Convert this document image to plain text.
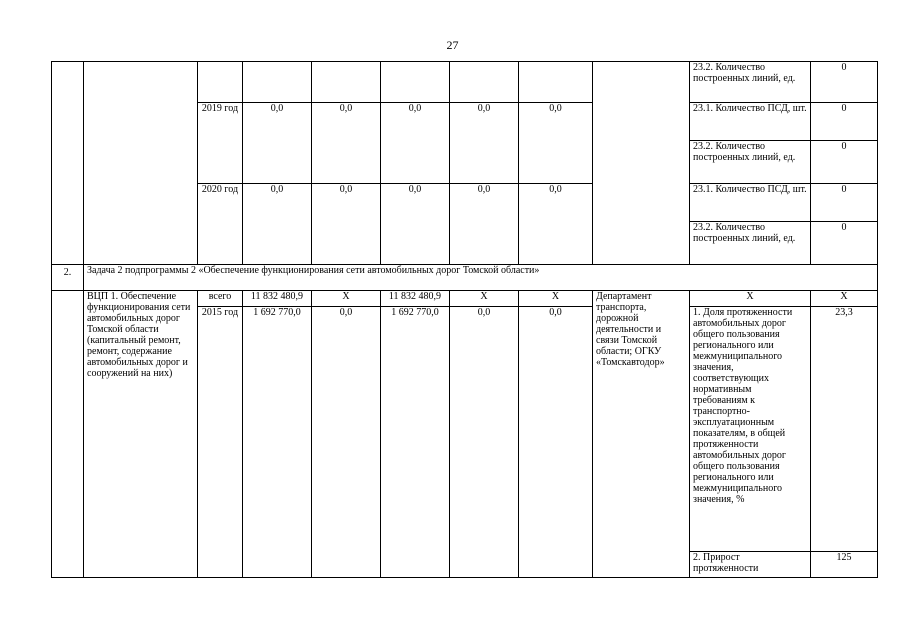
27
									23.2. Количество построенных линий, ед.	0
		2019 год	0,0	0,0	0,0	0,0	0,0		23.1. Количество ПСД, шт.	0
									23.2. Количество построенных линий, ед.	0
		2020 год	0,0	0,0	0,0	0,0	0,0		23.1. Количество ПСД, шт.	0
									23.2. Количество построенных линий, ед.	0
2.	Задача 2 подпрограммы 2 «Обеспечение функционирования сети автомобильных дорог Томской области»									
	ВЦП 1. Обеспечение функционирования сети автомобильных дорог Томской области (капитальный ремонт, ремонт, содержание автомобильных дорог и сооружений на них)	всего	11 832 480,9	Х	11 832 480,9	Х	Х	Департамент транспорта, дорожной деятельности и связи Томской области; ОГКУ «Томскавтодор»	Х	Х
		2015 год	1 692 770,0	0,0	1 692 770,0	0,0	0,0		1. Доля протяженности автомобильных дорог общего пользования регионального или межмуниципального значения, соответствующих нормативным требованиям к транспортно-эксплуатационным показателям, в общей протяженности автомобильных дорог общего пользования регионального или межмуниципального значения, %	23,3
									2. Прирост протяженности	125
